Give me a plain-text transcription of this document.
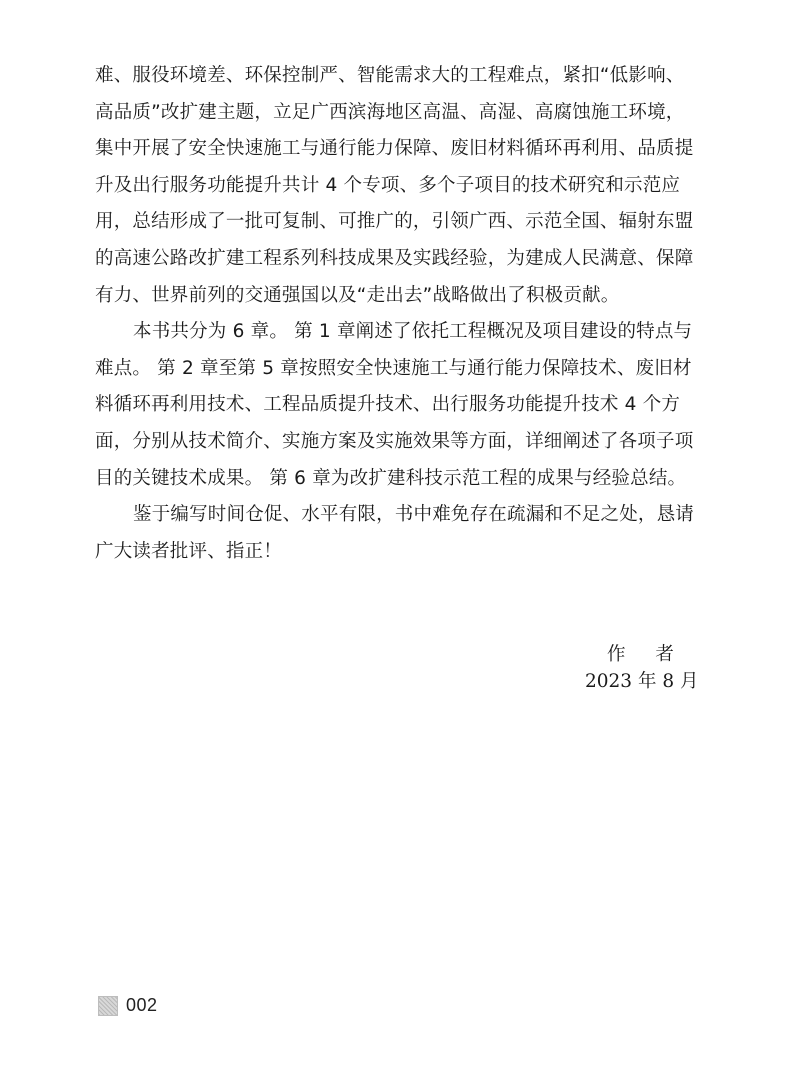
难、服役环境差、环保控制严、智能需求大的工程难点，紧扣“低影响、
高品质”改扩建主题，立足广西滨海地区高温、高湿、高腐蚀施工环境，
集中开展了安全快速施工与通行能力保障、废旧材料循环再利用、品质提
升及出行服务功能提升共计 4 个专项、多个子项目的技术研究和示范应
用，总结形成了一批可复制、可推广的，引领广西、示范全国、辐射东盟
的高速公路改扩建工程系列科技成果及实践经验，为建成人民满意、保障
有力、世界前列的交通强国以及“走出去”战略做出了积极贡献。
本书共分为 6 章。 第 1 章阐述了依托工程概况及项目建设的特点与
难点。 第 2 章至第 5 章按照安全快速施工与通行能力保障技术、废旧材
料循环再利用技术、工程品质提升技术、出行服务功能提升技术 4 个方
面，分别从技术简介、实施方案及实施效果等方面，详细阐述了各项子项
目的关键技术成果。 第 6 章为改扩建科技示范工程的成果与经验总结。
鉴于编写时间仓促、水平有限，书中难免存在疏漏和不足之处，恳请
广大读者批评、指正！
作 者
2023 年 8 月
002
